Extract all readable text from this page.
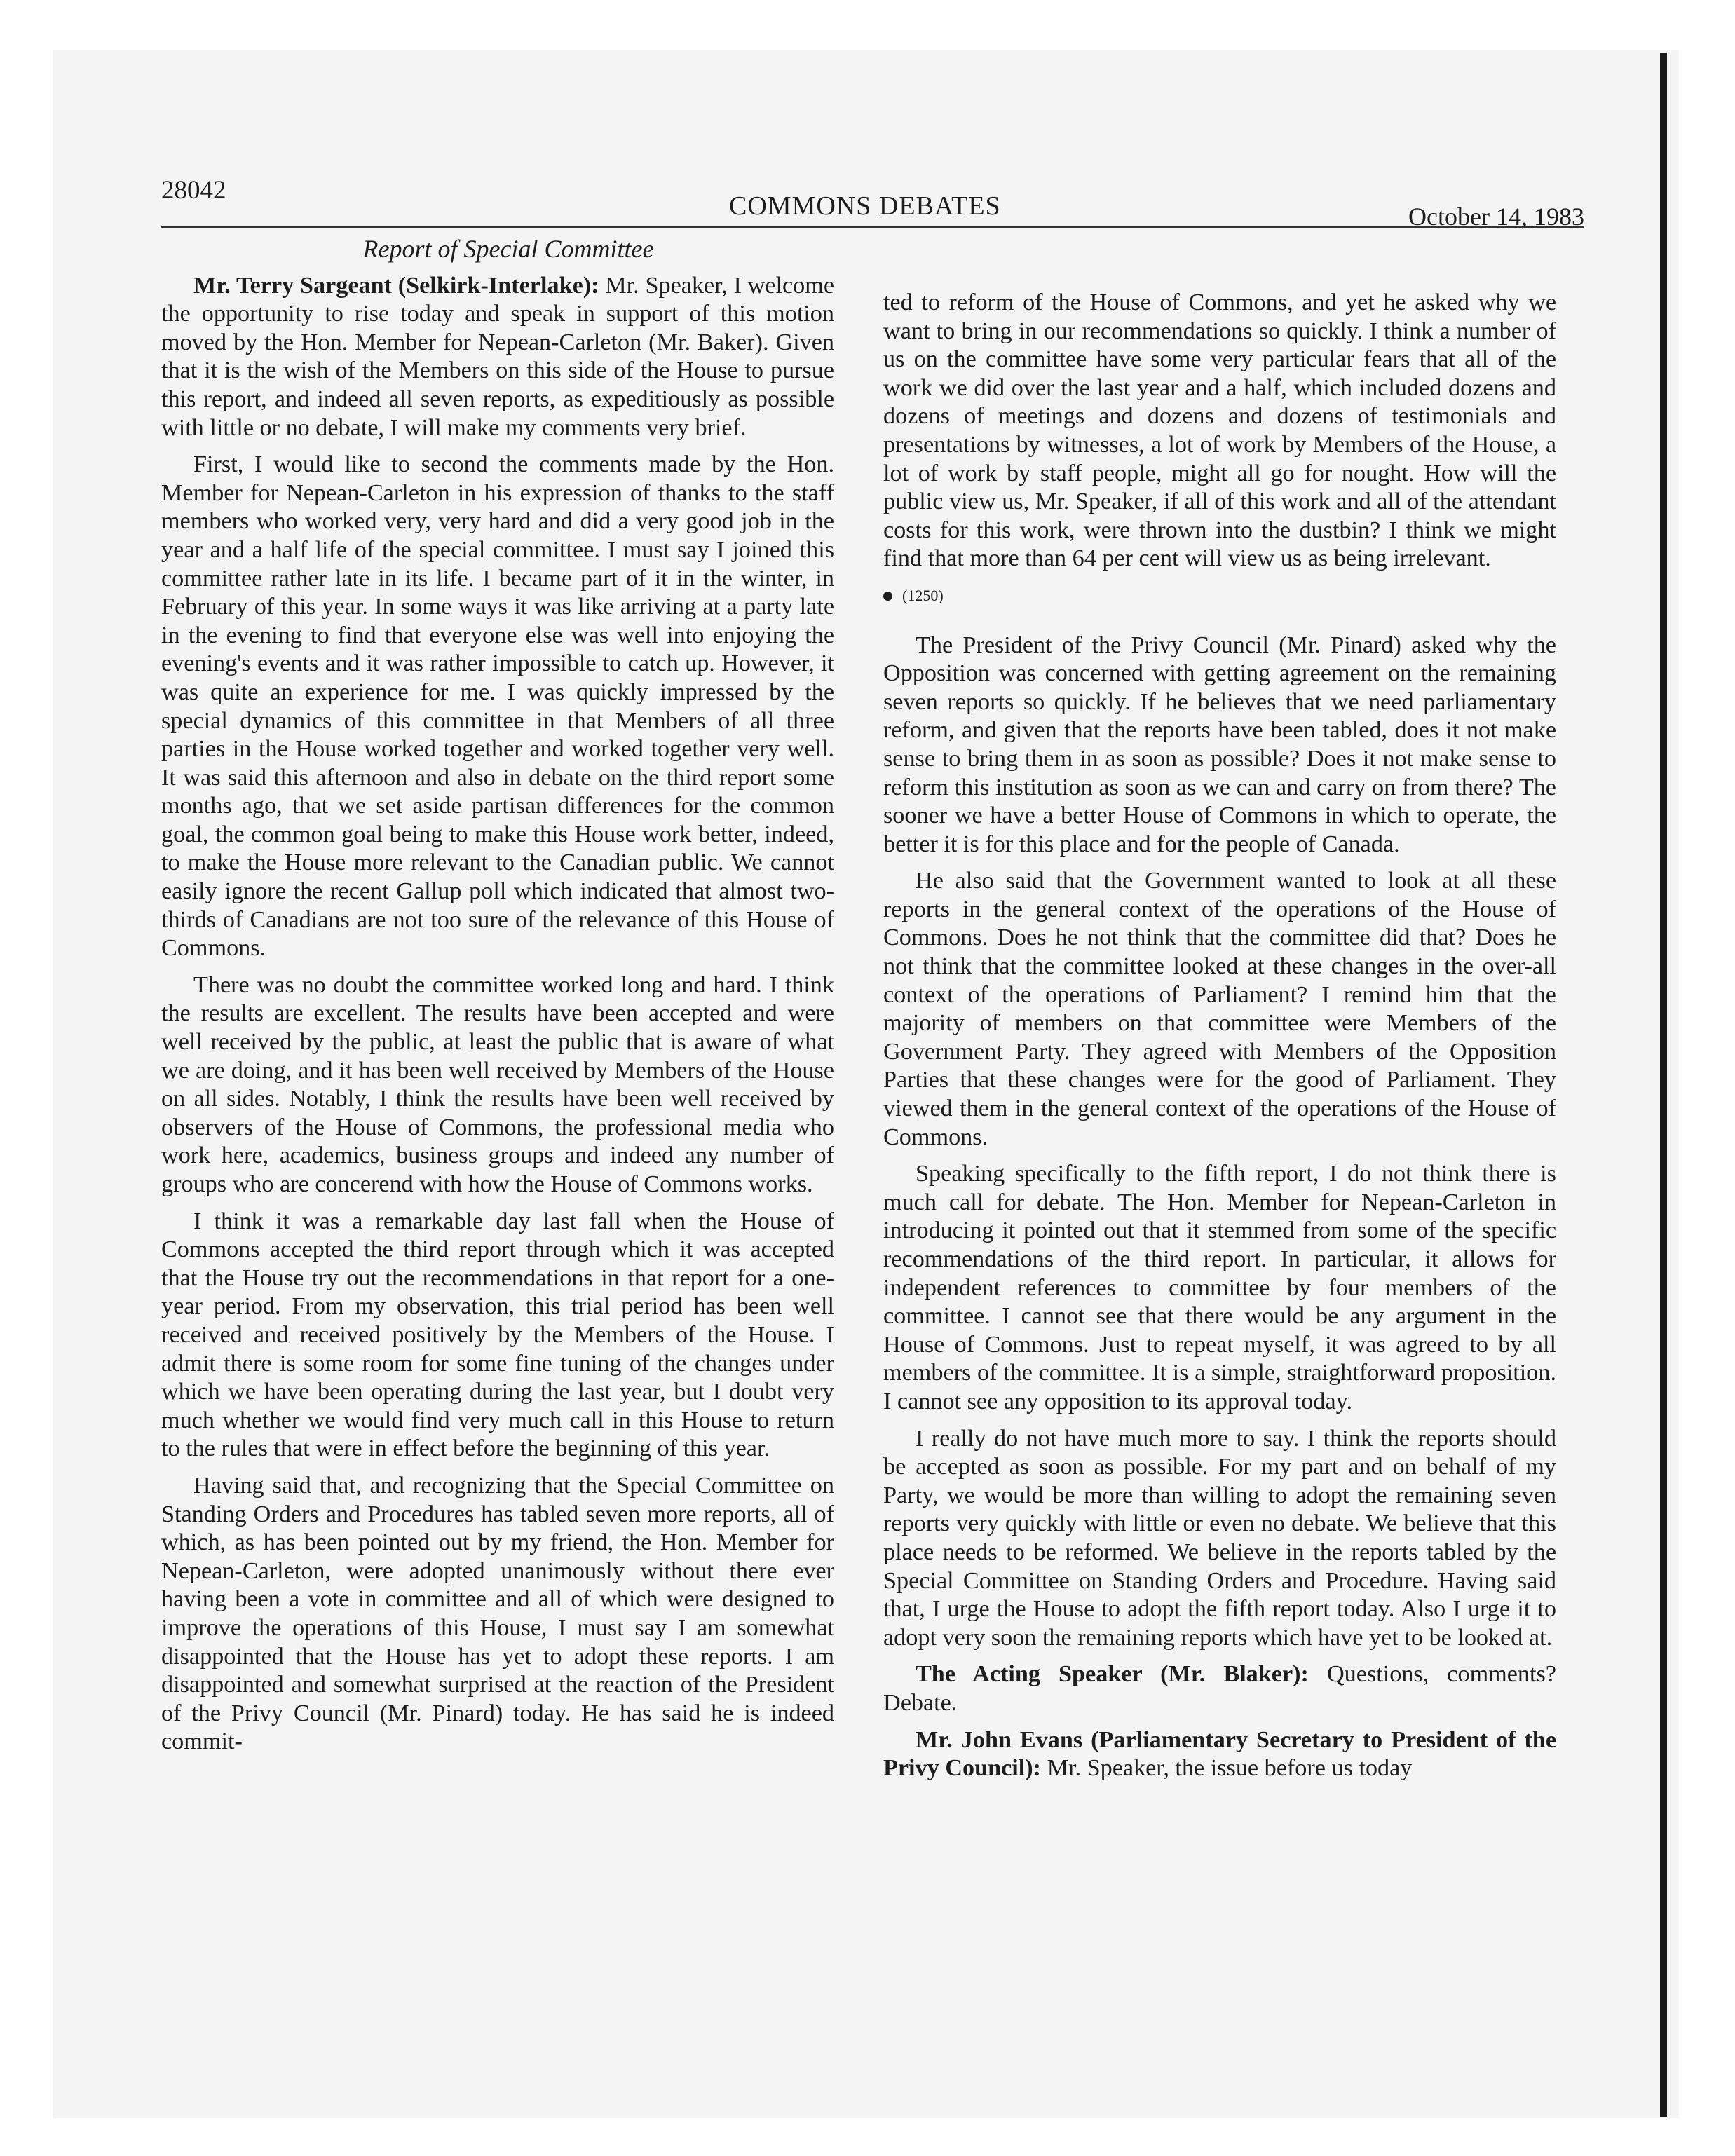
28042
COMMONS DEBATES	October 14, 1983
Report of Special Committee

Mr. Terry Sargeant (Selkirk-Interlake): Mr. Speaker, I welcome the opportunity to rise today and speak in support of this motion moved by the Hon. Member for Nepean-Carleton (Mr. Baker). Given that it is the wish of the Members on this side of the House to pursue this report, and indeed all seven reports, as expeditiously as possible with little or no debate, I will make my comments very brief.

First, I would like to second the comments made by the Hon. Member for Nepean-Carleton in his expression of thanks to the staff members who worked very, very hard and did a very good job in the year and a half life of the special committee. I must say I joined this committee rather late in its life. I became part of it in the winter, in February of this year. In some ways it was like arriving at a party late in the evening to find that everyone else was well into enjoying the evening's events and it was rather impossible to catch up. However, it was quite an experience for me. I was quickly impressed by the special dynamics of this committee in that Members of all three parties in the House worked together and worked together very well. It was said this afternoon and also in debate on the third report some months ago, that we set aside partisan differences for the common goal, the common goal being to make this House work better, indeed, to make the House more relevant to the Canadian public. We cannot easily ignore the recent Gallup poll which indicated that almost two-thirds of Canadians are not too sure of the relevance of this House of Commons.

There was no doubt the committee worked long and hard. I think the results are excellent. The results have been accepted and were well received by the public, at least the public that is aware of what we are doing, and it has been well received by Members of the House on all sides. Notably, I think the results have been well received by observers of the House of Commons, the professional media who work here, academics, business groups and indeed any number of groups who are concerend with how the House of Commons works.

I think it was a remarkable day last fall when the House of Commons accepted the third report through which it was accepted that the House try out the recommendations in that report for a one-year period. From my observation, this trial period has been well received and received positively by the Members of the House. I admit there is some room for some fine tuning of the changes under which we have been operating during the last year, but I doubt very much whether we would find very much call in this House to return to the rules that were in effect before the beginning of this year.

Having said that, and recognizing that the Special Committee on Standing Orders and Procedures has tabled seven more reports, all of which, as has been pointed out by my friend, the Hon. Member for Nepean-Carleton, were adopted unanimously without there ever having been a vote in committee and all of which were designed to improve the operations of this House, I must say I am somewhat disappointed that the House has yet to adopt these reports. I am disappointed and somewhat surprised at the reaction of the President of the Privy Council (Mr. Pinard) today. He has said he is indeed commit-

ted to reform of the House of Commons, and yet he asked why we want to bring in our recommendations so quickly. I think a number of us on the committee have some very particular fears that all of the work we did over the last year and a half, which included dozens and dozens of meetings and dozens and dozens of testimonials and presentations by witnesses, a lot of work by Members of the House, a lot of work by staff people, might all go for nought. How will the public view us, Mr. Speaker, if all of this work and all of the attendant costs for this work, were thrown into the dustbin? I think we might find that more than 64 per cent will view us as being irrelevant.

(1250)

The President of the Privy Council (Mr. Pinard) asked why the Opposition was concerned with getting agreement on the remaining seven reports so quickly. If he believes that we need parliamentary reform, and given that the reports have been tabled, does it not make sense to bring them in as soon as possible? Does it not make sense to reform this institution as soon as we can and carry on from there? The sooner we have a better House of Commons in which to operate, the better it is for this place and for the people of Canada.

He also said that the Government wanted to look at all these reports in the general context of the operations of the House of Commons. Does he not think that the committee did that? Does he not think that the committee looked at these changes in the over-all context of the operations of Parliament? I remind him that the majority of members on that committee were Members of the Government Party. They agreed with Members of the Opposition Parties that these changes were for the good of Parliament. They viewed them in the general context of the operations of the House of Commons.

Speaking specifically to the fifth report, I do not think there is much call for debate. The Hon. Member for Nepean-Carleton in introducing it pointed out that it stemmed from some of the specific recommendations of the third report. In particular, it allows for independent references to committee by four members of the committee. I cannot see that there would be any argument in the House of Commons. Just to repeat myself, it was agreed to by all members of the committee. It is a simple, straightforward proposition. I cannot see any opposition to its approval today.

I really do not have much more to say. I think the reports should be accepted as soon as possible. For my part and on behalf of my Party, we would be more than willing to adopt the remaining seven reports very quickly with little or even no debate. We believe that this place needs to be reformed. We believe in the reports tabled by the Special Committee on Standing Orders and Procedure. Having said that, I urge the House to adopt the fifth report today. Also I urge it to adopt very soon the remaining reports which have yet to be looked at.

The Acting Speaker (Mr. Blaker): Questions, comments? Debate.

Mr. John Evans (Parliamentary Secretary to President of the Privy Council): Mr. Speaker, the issue before us today
